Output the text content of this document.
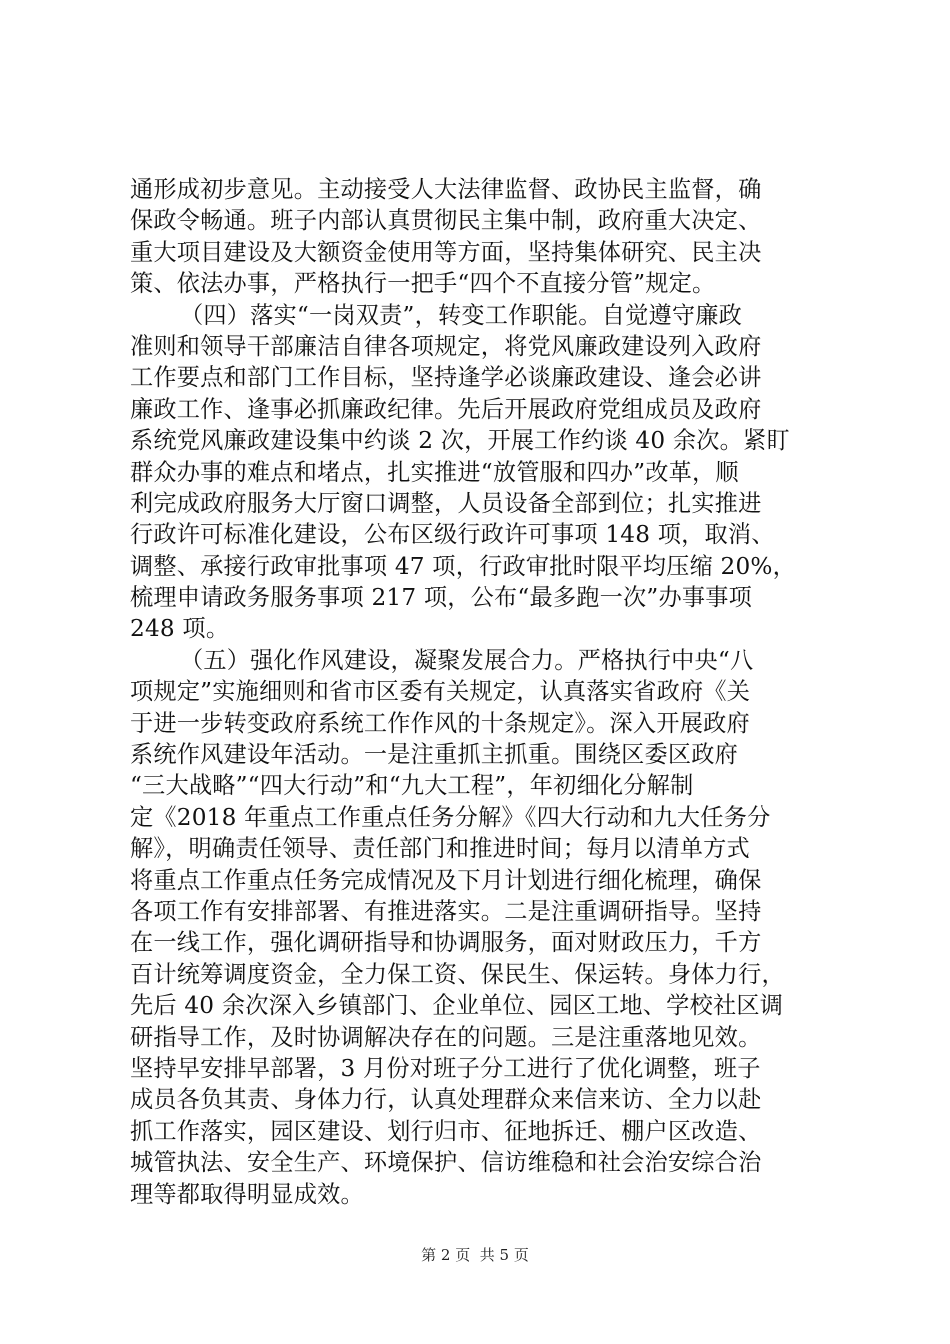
通形成初步意见。主动接受人大法律监督、政协民主监督，确
保政令畅通。班子内部认真贯彻民主集中制，政府重大决定、
重大项目建设及大额资金使用等方面，坚持集体研究、民主决
策、依法办事，严格执行一把手“四个不直接分管”规定。
（四）落实“一岗双责”，转变工作职能。自觉遵守廉政
准则和领导干部廉洁自律各项规定，将党风廉政建设列入政府
工作要点和部门工作目标，坚持逢学必谈廉政建设、逢会必讲
廉政工作、逢事必抓廉政纪律。先后开展政府党组成员及政府
系统党风廉政建设集中约谈 2 次，开展工作约谈 40 余次。紧盯
群众办事的难点和堵点，扎实推进“放管服和四办”改革，顺
利完成政府服务大厅窗口调整，人员设备全部到位；扎实推进
行政许可标准化建设，公布区级行政许可事项 148 项，取消、
调整、承接行政审批事项 47 项，行政审批时限平均压缩 20%，
梳理申请政务服务事项 217 项，公布“最多跑一次”办事事项
248 项。
（五）强化作风建设，凝聚发展合力。严格执行中央“八
项规定”实施细则和省市区委有关规定，认真落实省政府《关
于进一步转变政府系统工作作风的十条规定》。深入开展政府
系统作风建设年活动。一是注重抓主抓重。围绕区委区政府
“三大战略”“四大行动”和“九大工程”，年初细化分解制
定《2018 年重点工作重点任务分解》《四大行动和九大任务分
解》，明确责任领导、责任部门和推进时间；每月以清单方式
将重点工作重点任务完成情况及下月计划进行细化梳理，确保
各项工作有安排部署、有推进落实。二是注重调研指导。坚持
在一线工作，强化调研指导和协调服务，面对财政压力，千方
百计统筹调度资金，全力保工资、保民生、保运转。身体力行，
先后 40 余次深入乡镇部门、企业单位、园区工地、学校社区调
研指导工作，及时协调解决存在的问题。三是注重落地见效。
坚持早安排早部署，3 月份对班子分工进行了优化调整，班子
成员各负其责、身体力行，认真处理群众来信来访、全力以赴
抓工作落实，园区建设、划行归市、征地拆迁、棚户区改造、
城管执法、安全生产、环境保护、信访维稳和社会治安综合治
理等都取得明显成效。
第 2 页  共 5 页
